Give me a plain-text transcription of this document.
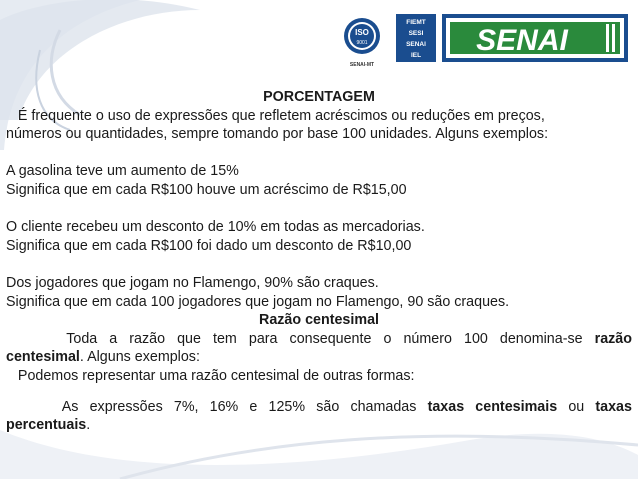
ISO
9001
SENAI-MT
FIEMT
SESI
SENAI
IEL SENAI

PORCENTAGEM

É frequente o uso de expressões que refletem acréscimos ou reduções em preços,

números ou quantidades, sempre tomando por base 100 unidades. Alguns exemplos:

A gasolina teve um aumento de 15%

Significa que em cada R$100 houve um acréscimo de R$15,00

O cliente recebeu um desconto de 10% em todas as mercadorias.

Significa que em cada R$100 foi dado um desconto de R$10,00

Dos jogadores que jogam no Flamengo, 90% são craques.

Significa que em cada 100 jogadores que jogam no Flamengo, 90 são craques.

Razão centesimal

Toda a razão que tem para consequente o número 100 denomina-se razão

centesimal. Alguns exemplos:

Podemos representar uma razão centesimal de outras formas:

As expressões 7%, 16% e 125% são chamadas taxas centesimais ou taxas

percentuais.
